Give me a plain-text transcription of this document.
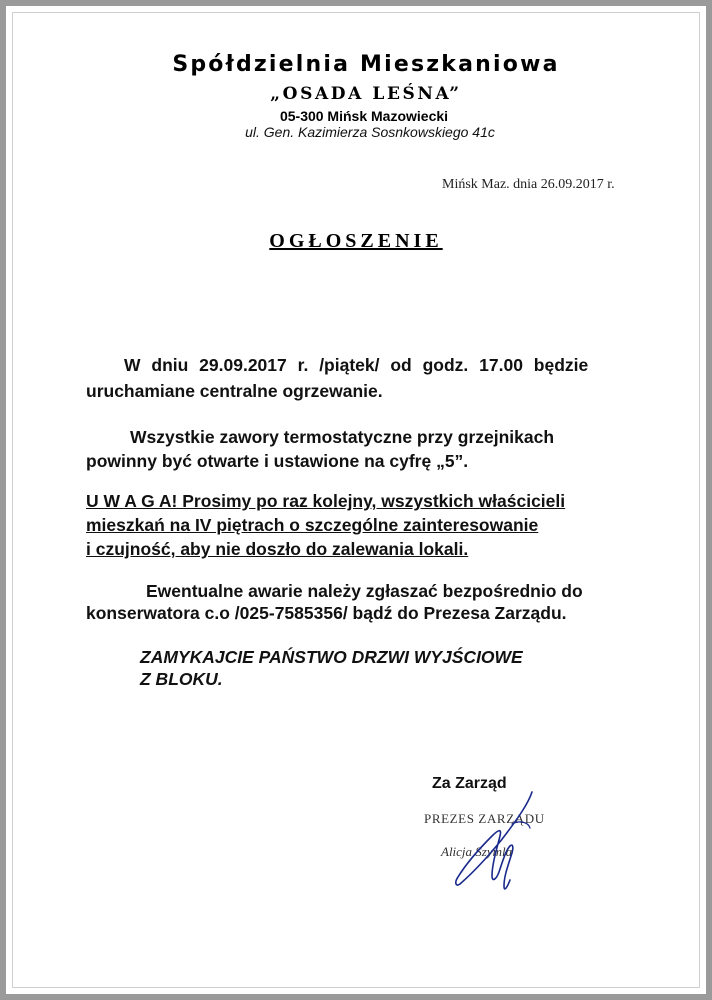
Spółdzielnia Mieszkaniowa
„OSADA LEŚNA”
05-300 Mińsk Mazowiecki
ul. Gen. Kazimierza Sosnkowskiego 41c
Mińsk Maz. dnia 26.09.2017 r.
OGŁOSZENIE
W dniu 29.09.2017 r. /piątek/ od godz. 17.00 będzie
uruchamiane centralne ogrzewanie.
Wszystkie zawory termostatyczne przy grzejnikach
powinny być otwarte i ustawione na cyfrę „5”.
U W A G A! Prosimy po raz kolejny, wszystkich właścicieli
mieszkań na IV piętrach o szczególne zainteresowanie
i czujność, aby nie doszło do zalewania lokali.
Ewentualne awarie należy zgłaszać bezpośrednio do
konserwatora c.o /025-7585356/ bądź do Prezesa Zarządu.
ZAMYKAJCIE PAŃSTWO DRZWI WYJŚCIOWE
Z BLOKU.
Za Zarząd
PREZES ZARZĄDU
Alicja Szymla
